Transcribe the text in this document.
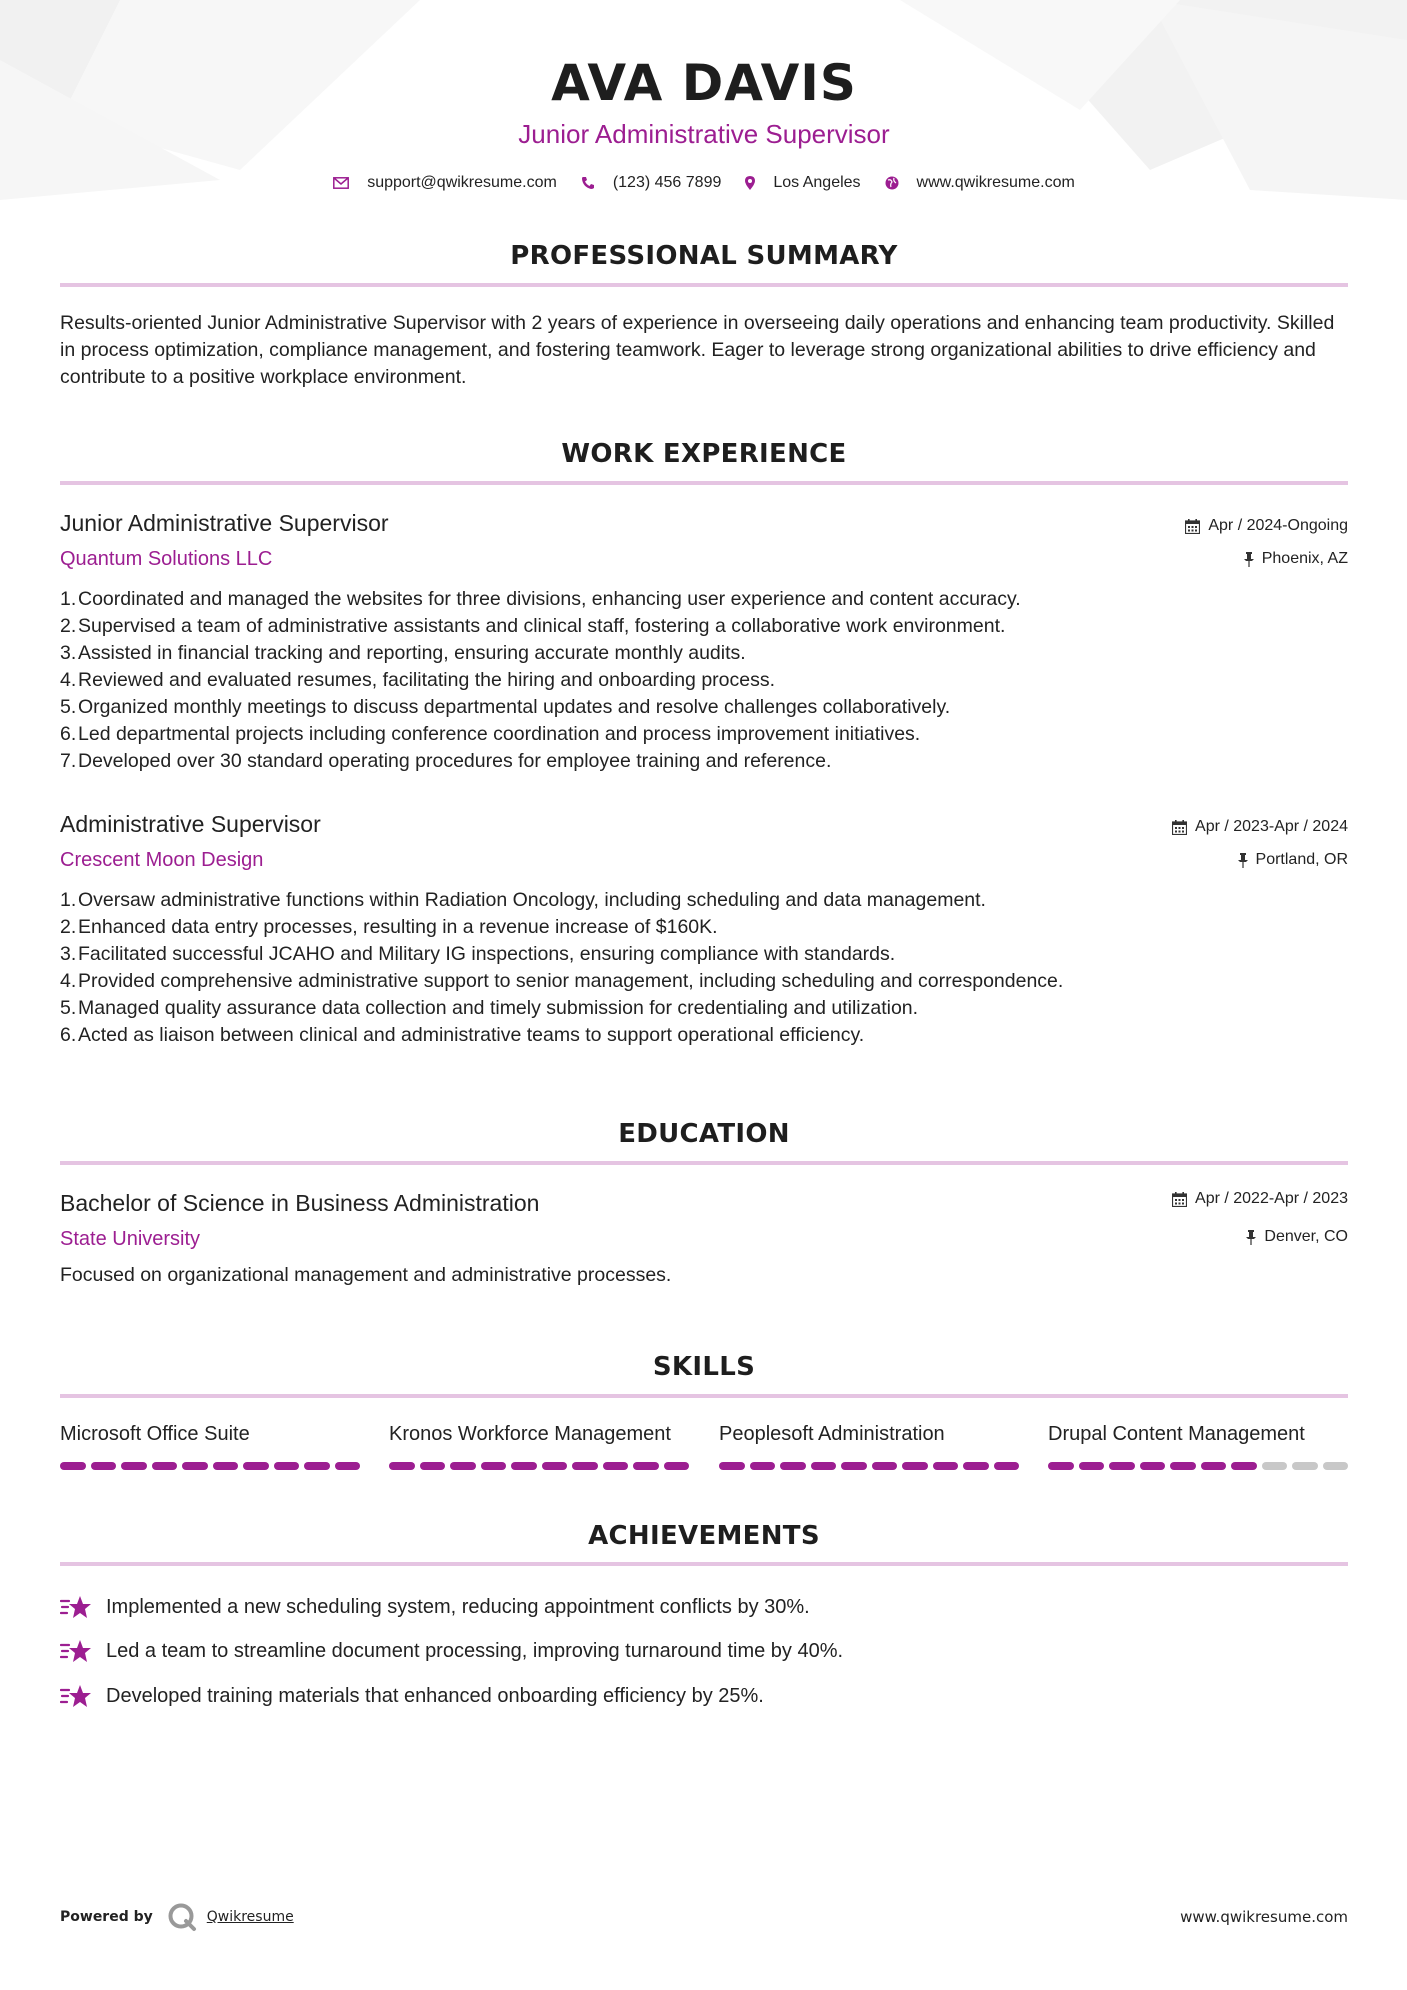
AVA DAVIS
Junior Administrative Supervisor
support@qwikresume.com	(123) 456 7899	Los Angeles	www.qwikresume.com
PROFESSIONAL SUMMARY
Results-oriented Junior Administrative Supervisor with 2 years of experience in overseeing daily operations and enhancing team productivity. Skilled in process optimization, compliance management, and fostering teamwork. Eager to leverage strong organizational abilities to drive efficiency and contribute to a positive workplace environment.
WORK EXPERIENCE
Junior Administrative Supervisor
Quantum Solutions LLC
Apr / 2024-Ongoing
Phoenix, AZ
1. Coordinated and managed the websites for three divisions, enhancing user experience and content accuracy.
2. Supervised a team of administrative assistants and clinical staff, fostering a collaborative work environment.
3. Assisted in financial tracking and reporting, ensuring accurate monthly audits.
4. Reviewed and evaluated resumes, facilitating the hiring and onboarding process.
5. Organized monthly meetings to discuss departmental updates and resolve challenges collaboratively.
6. Led departmental projects including conference coordination and process improvement initiatives.
7. Developed over 30 standard operating procedures for employee training and reference.
Administrative Supervisor
Crescent Moon Design
Apr / 2023-Apr / 2024
Portland, OR
1. Oversaw administrative functions within Radiation Oncology, including scheduling and data management.
2. Enhanced data entry processes, resulting in a revenue increase of $160K.
3. Facilitated successful JCAHO and Military IG inspections, ensuring compliance with standards.
4. Provided comprehensive administrative support to senior management, including scheduling and correspondence.
5. Managed quality assurance data collection and timely submission for credentialing and utilization.
6. Acted as liaison between clinical and administrative teams to support operational efficiency.
EDUCATION
Bachelor of Science in Business Administration
State University
Apr / 2022-Apr / 2023
Denver, CO
Focused on organizational management and administrative processes.
SKILLS
Microsoft Office Suite	Kronos Workforce Management	Peoplesoft Administration	Drupal Content Management
ACHIEVEMENTS
Implemented a new scheduling system, reducing appointment conflicts by 30%.
Led a team to streamline document processing, improving turnaround time by 40%.
Developed training materials that enhanced onboarding efficiency by 25%.
Powered by	Qwikresume	www.qwikresume.com
